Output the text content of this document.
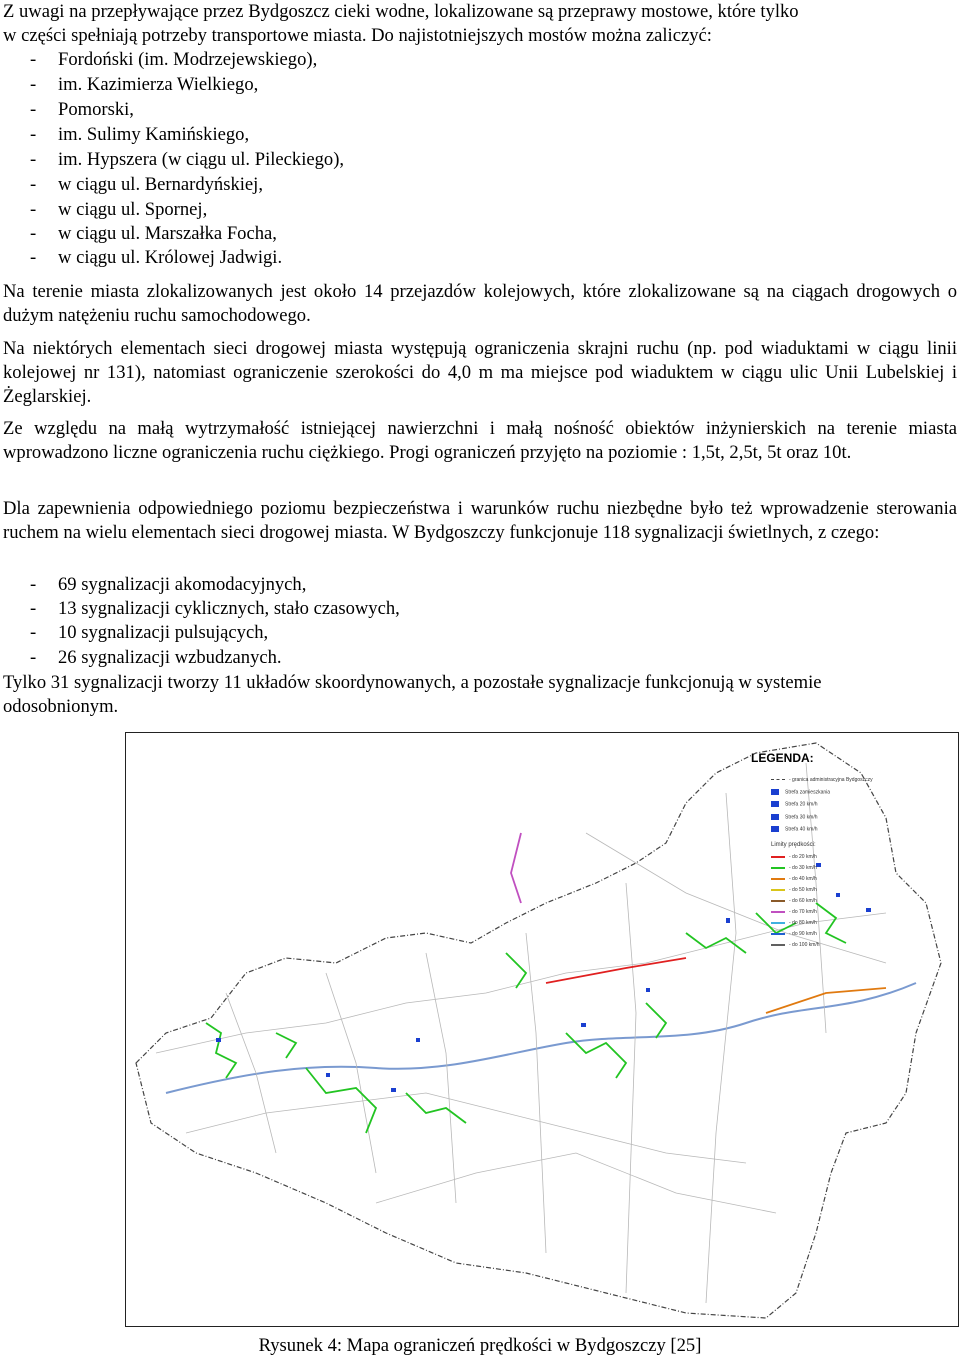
Z uwagi na przepływające przez Bydgoszcz cieki wodne, lokalizowane są przeprawy mostowe, które tylko
w części spełniają potrzeby transportowe miasta. Do najistotniejszych mostów można zaliczyć:
- Fordoński (im. Modrzejewskiego),
- im. Kazimierza Wielkiego,
- Pomorski,
- im. Sulimy Kamińskiego,
- im. Hypszera (w ciągu ul. Pileckiego),
- w ciągu ul. Bernardyńskiej,
- w ciągu ul. Spornej,
- w ciągu ul. Marszałka Focha,
- w ciągu ul. Królowej Jadwigi.
Na terenie miasta zlokalizowanych jest około 14 przejazdów kolejowych, które zlokalizowane są na ciągach drogowych o dużym natężeniu ruchu samochodowego.
Na niektórych elementach sieci drogowej miasta występują ograniczenia skrajni ruchu (np. pod wiaduktami w ciągu linii kolejowej nr 131), natomiast ograniczenie szerokości do 4,0 m ma miejsce pod wiaduktem w ciągu ulic Unii Lubelskiej i Żeglarskiej.
Ze względu na małą wytrzymałość istniejącej nawierzchni i małą nośność obiektów inżynierskich na terenie miasta wprowadzono liczne ograniczenia ruchu ciężkiego. Progi ograniczeń przyjęto na poziomie : 1,5t, 2,5t, 5t oraz 10t.
Dla zapewnienia odpowiedniego poziomu bezpieczeństwa i warunków ruchu niezbędne było też wprowadzenie sterowania ruchem na wielu elementach sieci drogowej miasta. W Bydgoszczy funkcjonuje 118 sygnalizacji świetlnych, z czego:
- 69 sygnalizacji akomodacyjnych,
- 13 sygnalizacji cyklicznych, stało czasowych,
- 10 sygnalizacji pulsujących,
- 26 sygnalizacji wzbudzanych.
Tylko 31 sygnalizacji tworzy 11 układów skoordynowanych, a pozostałe sygnalizacje funkcjonują w systemie
odosobnionym.
LEGENDA:
- granica administracyjna Bydgoszczy
Strefa zamieszkania
Strefa 20 km/h
Strefa 30 km/h
Strefa 40 km/h
Limity prędkości:
- do 20 km/h
- do 30 km/h
- do 40 km/h
- do 50 km/h
- do 60 km/h
- do 70 km/h
- do 80 km/h
- do 90 km/h
- do 100 km/h
Rysunek 4: Mapa ograniczeń prędkości w Bydgoszczy [25]
